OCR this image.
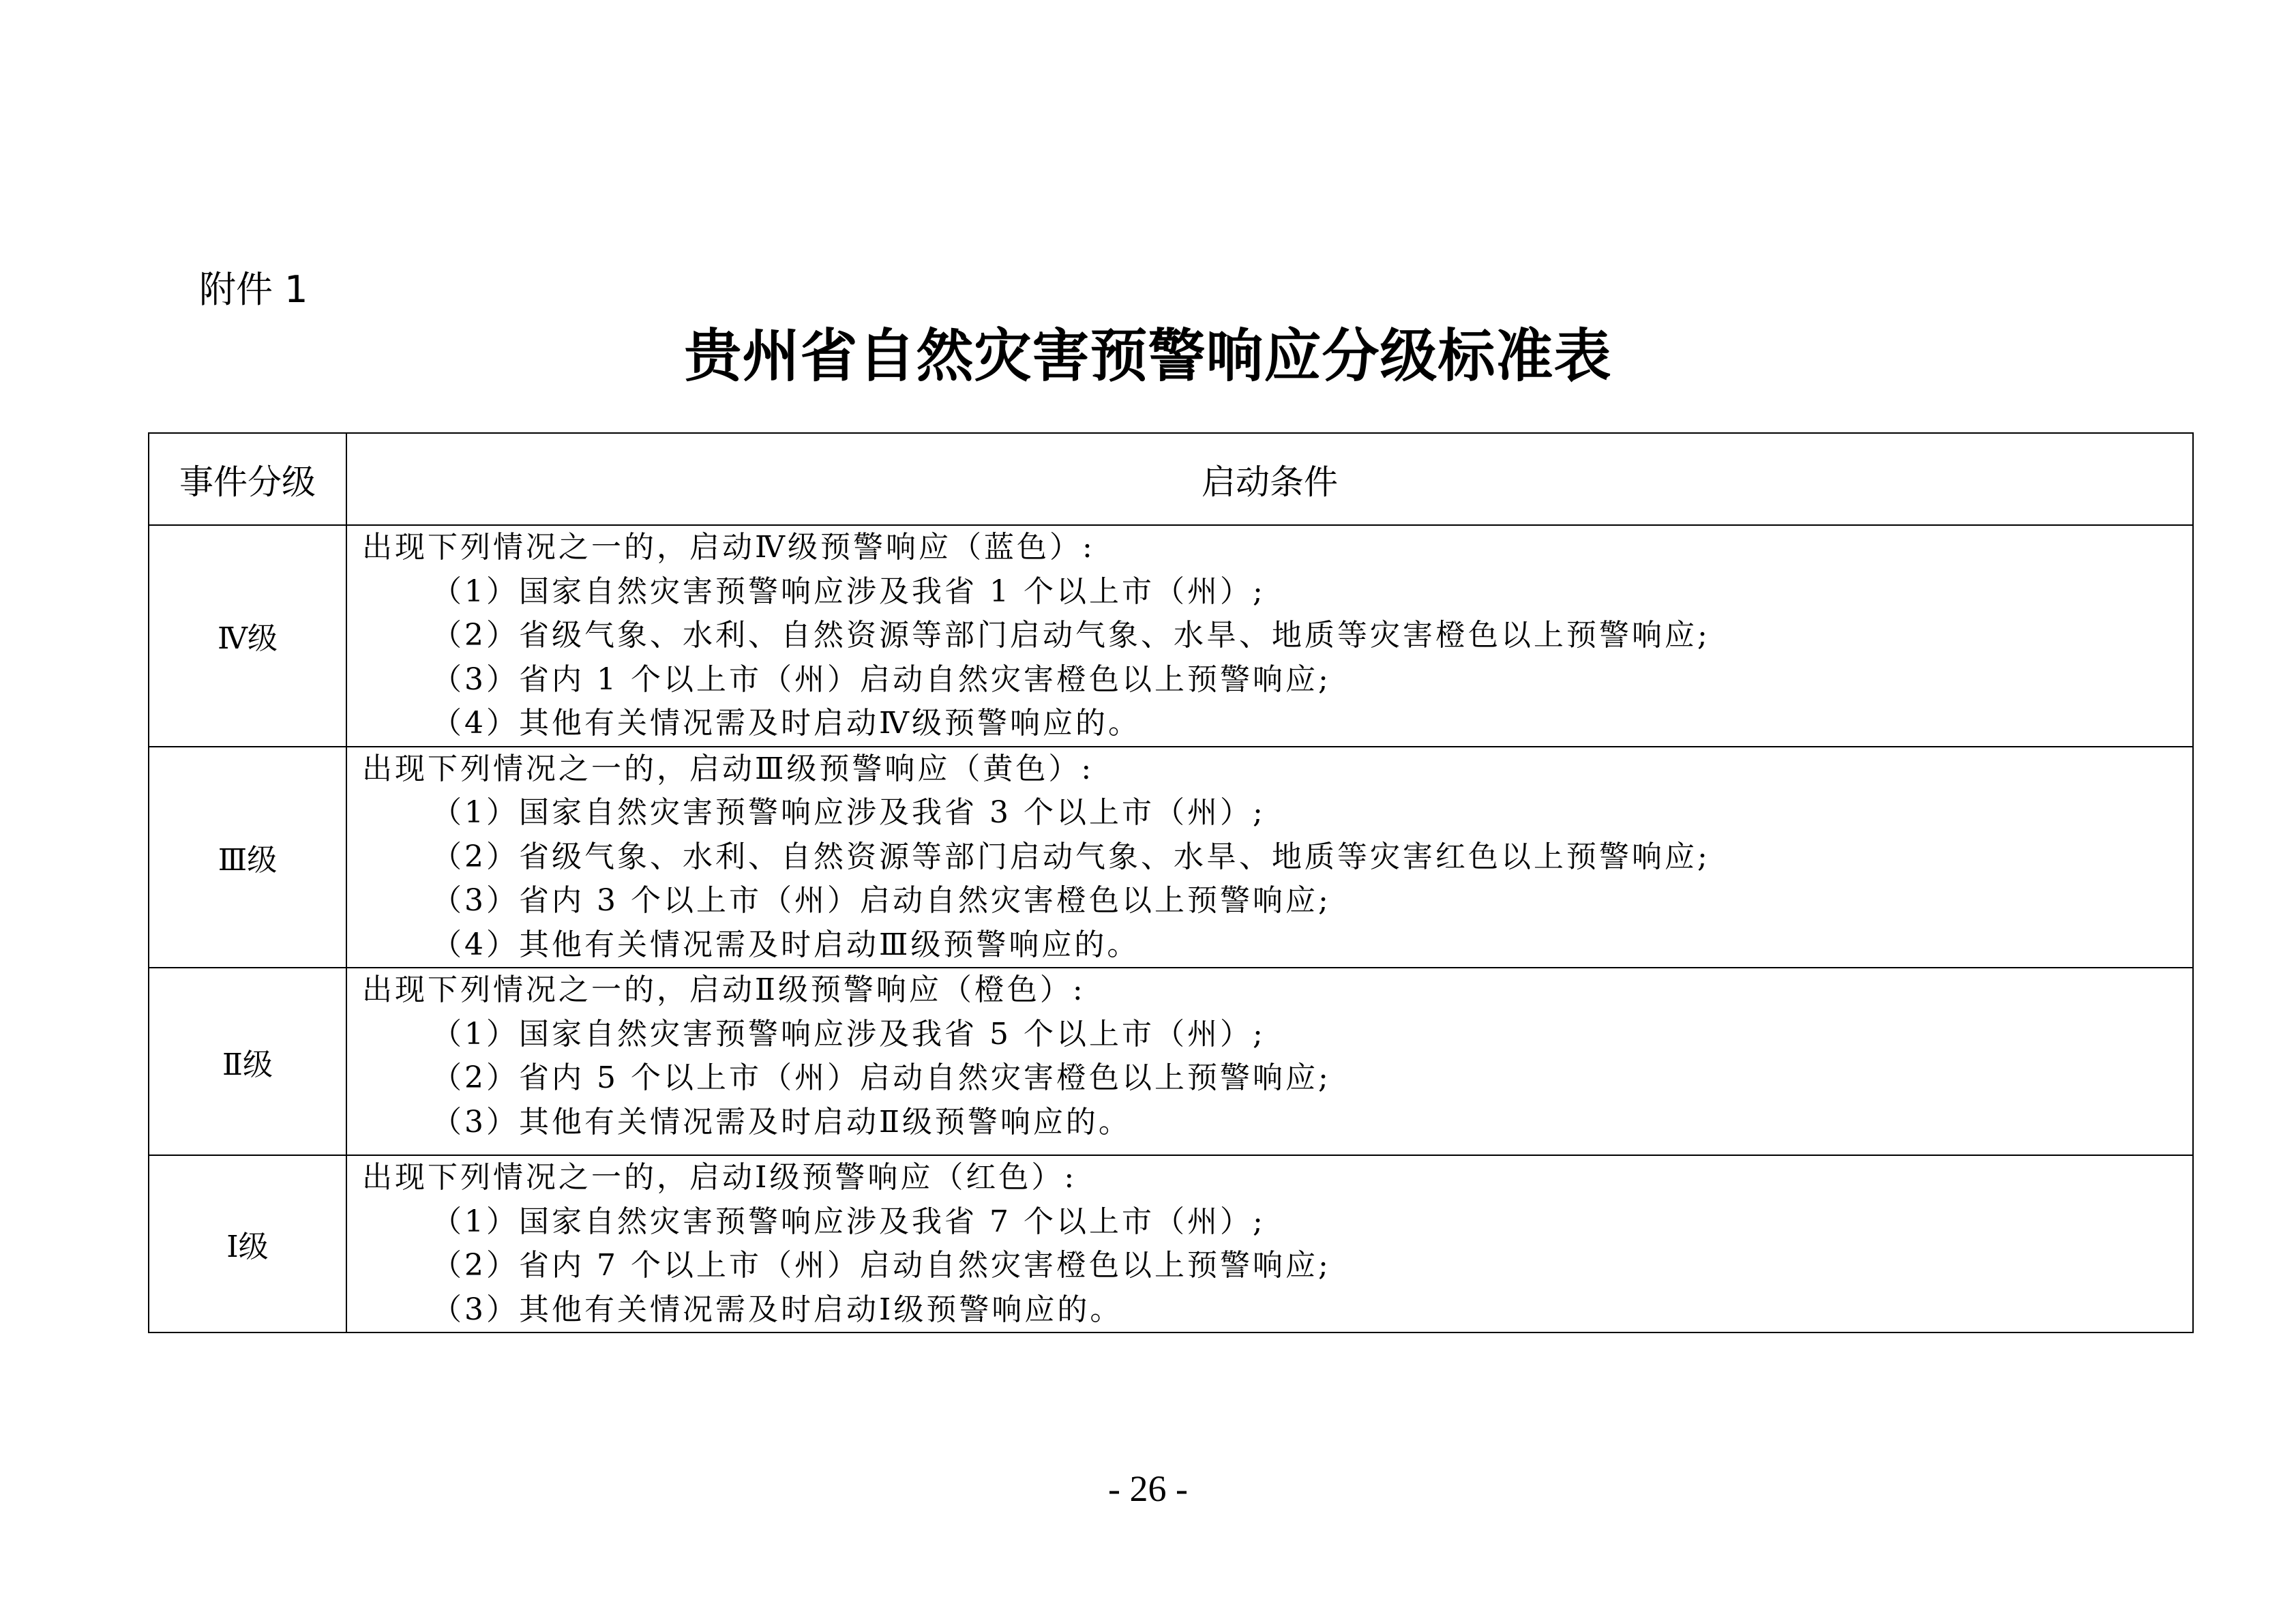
附件 1
贵州省自然灾害预警响应分级标准表
事件分级	启动条件
Ⅳ级	出现下列情况之一的，启动Ⅳ级预警响应（蓝色）:
（1）国家自然灾害预警响应涉及我省 1 个以上市（州）;
（2）省级气象、水利、自然资源等部门启动气象、水旱、地质等灾害橙色以上预警响应;
（3）省内 1 个以上市（州）启动自然灾害橙色以上预警响应;
（4）其他有关情况需及时启动Ⅳ级预警响应的。

Ⅲ级	出现下列情况之一的，启动Ⅲ级预警响应（黄色）:
（1）国家自然灾害预警响应涉及我省 3 个以上市（州）;
（2）省级气象、水利、自然资源等部门启动气象、水旱、地质等灾害红色以上预警响应;
（3）省内 3 个以上市（州）启动自然灾害橙色以上预警响应;
（4）其他有关情况需及时启动Ⅲ级预警响应的。

Ⅱ级	出现下列情况之一的，启动Ⅱ级预警响应（橙色）:
（1）国家自然灾害预警响应涉及我省 5 个以上市（州）;
（2）省内 5 个以上市（州）启动自然灾害橙色以上预警响应;
（3）其他有关情况需及时启动Ⅱ级预警响应的。

Ⅰ级	出现下列情况之一的，启动Ⅰ级预警响应（红色）:
（1）国家自然灾害预警响应涉及我省 7 个以上市（州）;
（2）省内 7 个以上市（州）启动自然灾害橙色以上预警响应;
（3）其他有关情况需及时启动Ⅰ级预警响应的。
- 26 -
